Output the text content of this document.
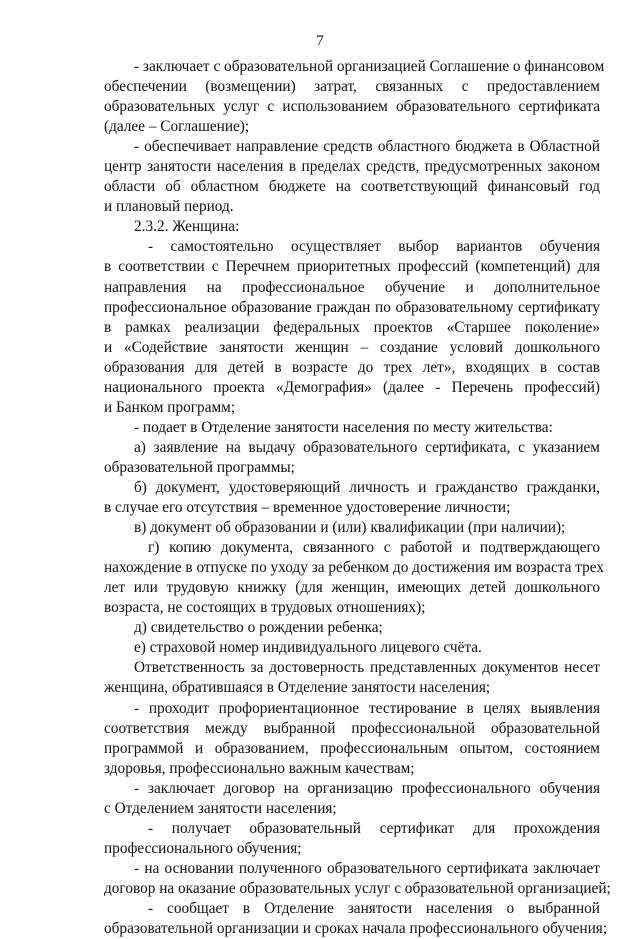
7
- заключает с образовательной организацией Соглашение о финансовом
обеспечении (возмещении) затрат, связанных с предоставлением
образовательных услуг с использованием образовательного сертификата
(далее – Соглашение);
- обеспечивает направление средств областного бюджета в Областной
центр занятости населения в пределах средств, предусмотренных законом
области об областном бюджете на соответствующий финансовый год
и плановый период.
2.3.2. Женщина:
- самостоятельно осуществляет выбор вариантов обучения
в соответствии с Перечнем приоритетных профессий (компетенций) для
направления на профессиональное обучение и дополнительное
профессиональное образование граждан по образовательному сертификату
в рамках реализации федеральных проектов «Старшее поколение»
и «Содействие занятости женщин – создание условий дошкольного
образования для детей в возрасте до трех лет», входящих в состав
национального проекта «Демография» (далее - Перечень профессий)
и Банком программ;
- подает в Отделение занятости населения по месту жительства:
а) заявление на выдачу образовательного сертификата, с указанием
образовательной программы;
б) документ, удостоверяющий личность и гражданство гражданки,
в случае его отсутствия – временное удостоверение личности;
в) документ об образовании и (или) квалификации (при наличии);
г) копию документа, связанного с работой и подтверждающего
нахождение в отпуске по уходу за ребенком до достижения им возраста трех
лет или трудовую книжку (для женщин, имеющих детей дошкольного
возраста, не состоящих в трудовых отношениях);
д) свидетельство о рождении ребенка;
е) страховой номер индивидуального лицевого счёта.
Ответственность за достоверность представленных документов несет
женщина, обратившаяся в Отделение занятости населения;
- проходит профориентационное тестирование в целях выявления
соответствия между выбранной профессиональной образовательной
программой и образованием, профессиональным опытом, состоянием
здоровья, профессионально важным качествам;
- заключает договор на организацию профессионального обучения
с Отделением занятости населения;
- получает образовательный сертификат для прохождения
профессионального обучения;
- на основании полученного образовательного сертификата заключает
договор на оказание образовательных услуг с образовательной организацией;
- сообщает в Отделение занятости населения о выбранной
образовательной организации и сроках начала профессионального обучения;
